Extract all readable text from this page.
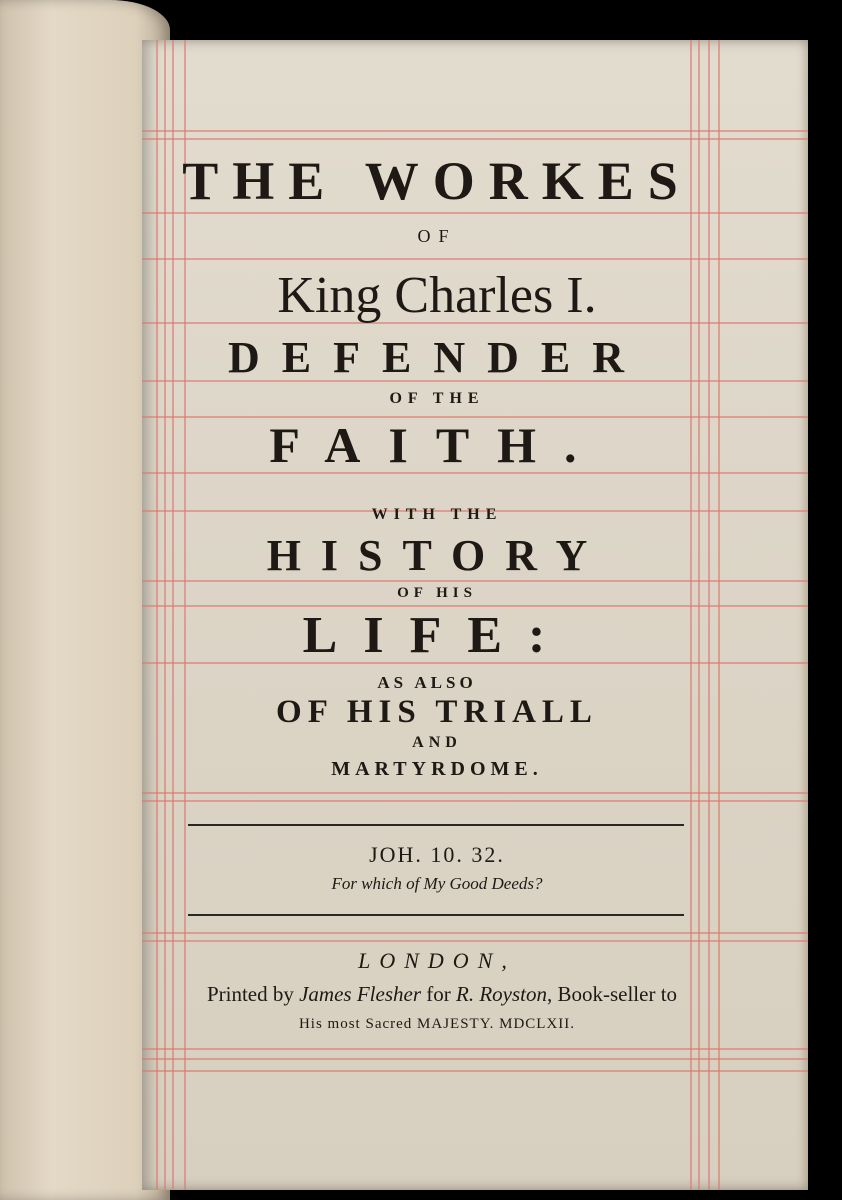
THE WORKES
OF
King Charles I.
DEFENDER
OF THE
FAITH.
WITH THE
HISTORY
OF HIS
LIFE:
AS ALSO
OF HIS TRIALL
AND
MARTYRDOME.
JOH. 10. 32.
For which of My Good Deeds?
LONDON,
Printed by James Flesher for R. Royston, Book-seller to
His most Sacred MAJESTY. MDCLXII.
